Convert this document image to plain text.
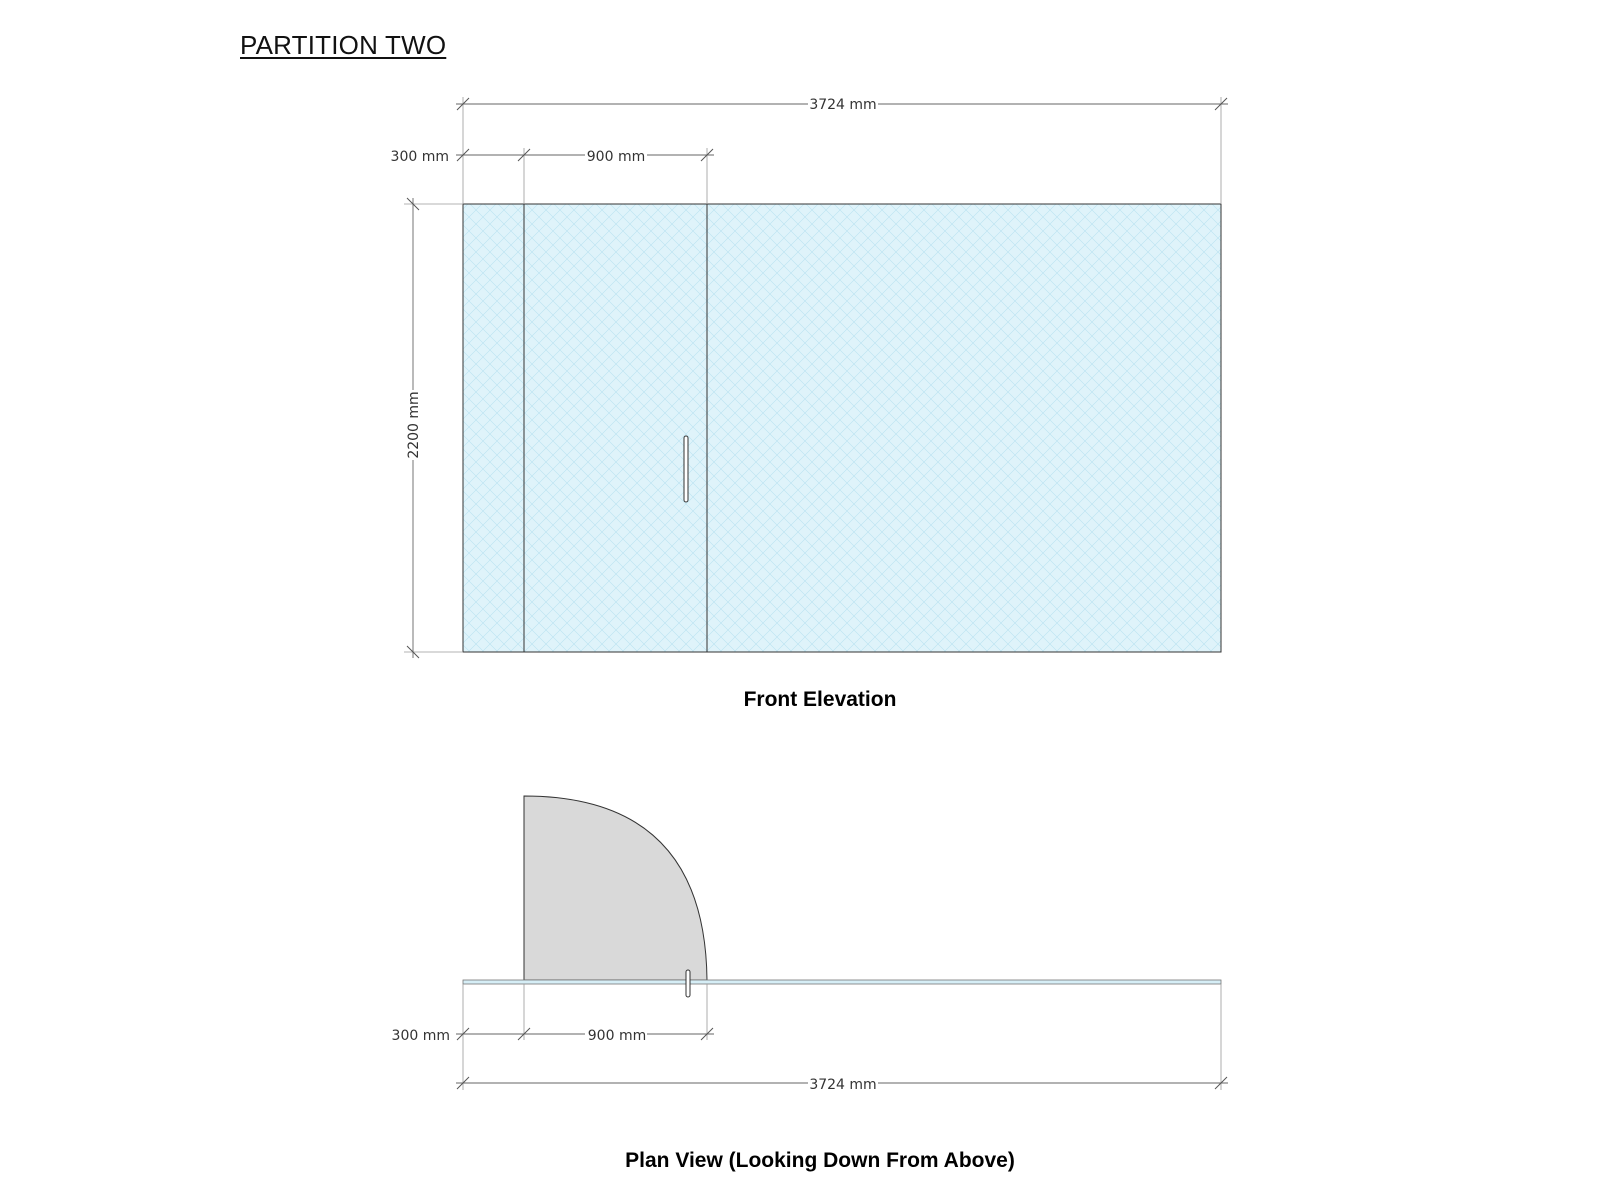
PARTITION TWO
3724 mm
900 mm
300 mm
2200 mm
Front Elevation
900 mm
300 mm
3724 mm
Plan View (Looking Down From Above)
